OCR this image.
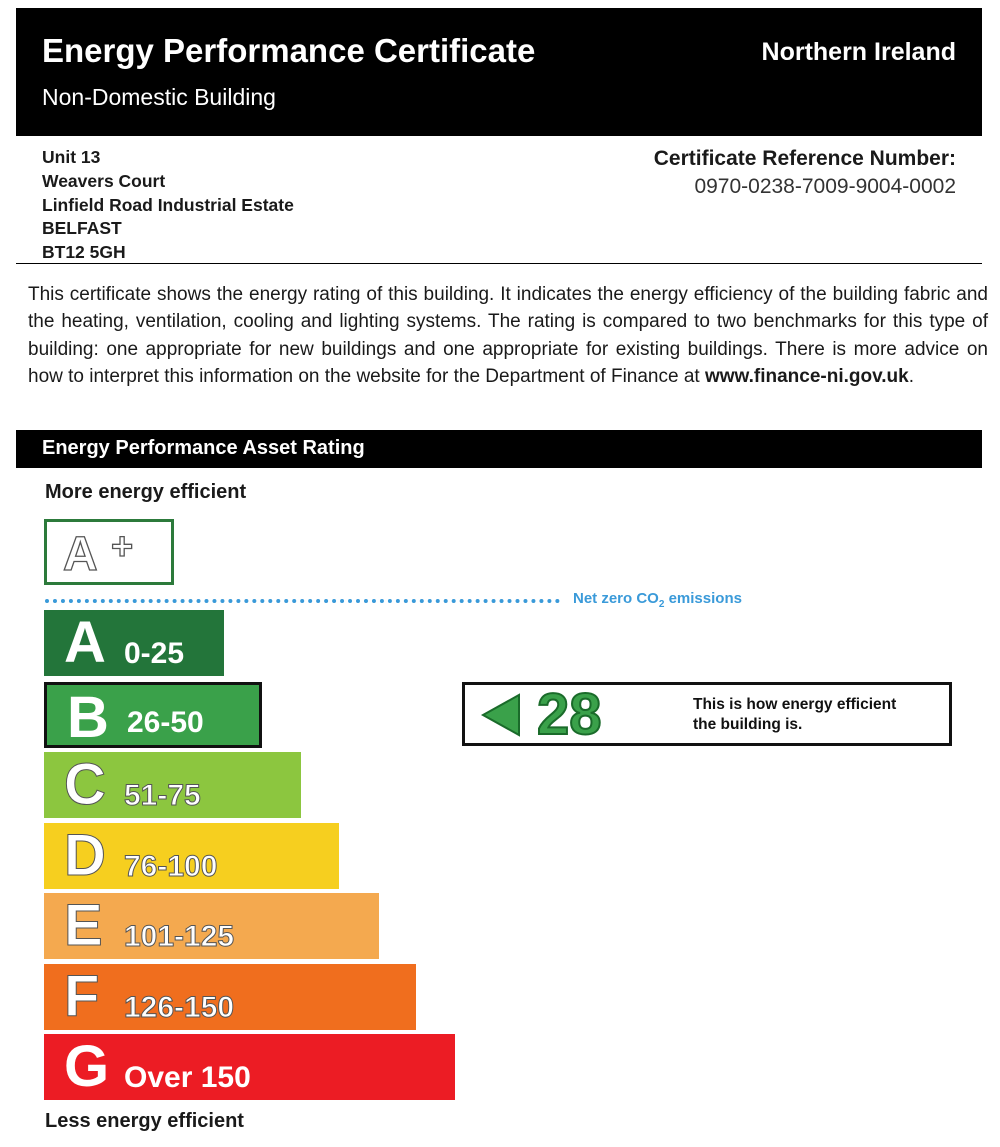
Energy Performance Certificate
Non-Domestic Building
Northern Ireland
Unit 13
Weavers Court
Linfield Road Industrial Estate
BELFAST
BT12 5GH
Certificate Reference Number:
0970-0238-7009-9004-0002
This certificate shows the energy rating of this building. It indicates the energy efficiency of the building fabric and the heating, ventilation, cooling and lighting systems. The rating is compared to two benchmarks for this type of building: one appropriate for new buildings and one appropriate for existing buildings. There is more advice on how to interpret this information on the website for the Department of Finance at www.finance-ni.gov.uk.
Energy Performance Asset Rating
More energy efficient
A +
Net zero $CO_2$ emissions
A 0-25
B 26-50
C 51-75
D 76-100
E 101-125
F 126-150
G Over 150
28	This is how energy efficient
the building is.
Less energy efficient
